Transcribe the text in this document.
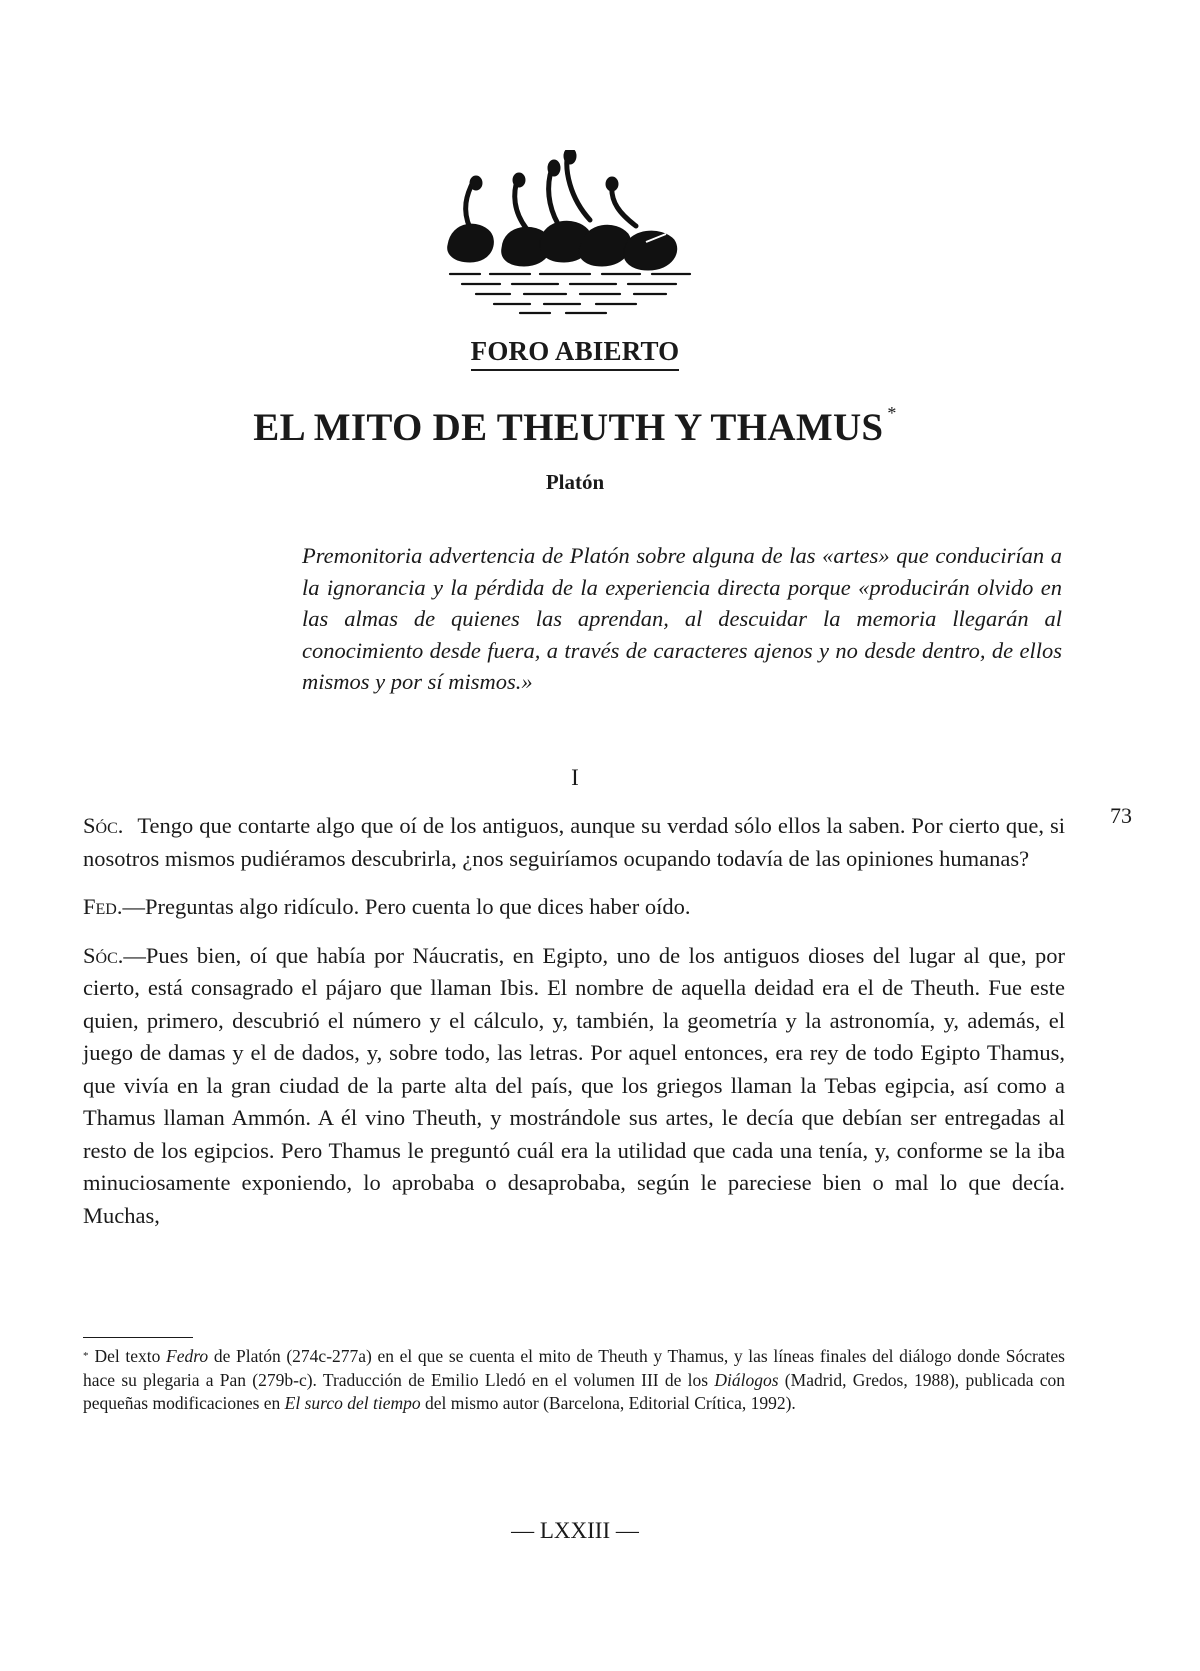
FORO ABIERTO
EL MITO DE THEUTH Y THAMUS *
Platón
Premonitoria advertencia de Platón sobre alguna de las «artes» que conducirían a la ignorancia y la pérdida de la experiencia directa porque «producirán olvido en las almas de quienes las aprendan, al descuidar la memoria llegarán al conocimiento desde fuera, a través de caracteres ajenos y no desde dentro, de ellos mismos y por sí mismos.»
I
73

Sóc. Tengo que contarte algo que oí de los antiguos, aunque su verdad sólo ellos la saben. Por cierto que, si nosotros mismos pudiéramos descubrirla, ¿nos seguiríamos ocupando todavía de las opiniones humanas?

Fed.—Preguntas algo ridículo. Pero cuenta lo que dices haber oído.

Sóc.—Pues bien, oí que había por Náucratis, en Egipto, uno de los antiguos dioses del lugar al que, por cierto, está consagrado el pájaro que llaman Ibis. El nombre de aquella deidad era el de Theuth. Fue este quien, primero, descubrió el número y el cálculo, y, también, la geometría y la astronomía, y, además, el juego de damas y el de dados, y, sobre todo, las letras. Por aquel entonces, era rey de todo Egipto Thamus, que vivía en la gran ciudad de la parte alta del país, que los griegos llaman la Tebas egipcia, así como a Thamus llaman Ammón. A él vino Theuth, y mostrándole sus artes, le decía que debían ser entregadas al resto de los egipcios. Pero Thamus le preguntó cuál era la utilidad que cada una tenía, y, conforme se la iba minuciosamente exponiendo, lo aprobaba o desaprobaba, según le pareciese bien o mal lo que decía. Muchas,

* Del texto Fedro de Platón (274c-277a) en el que se cuenta el mito de Theuth y Thamus, y las líneas finales del diálogo donde Sócrates hace su plegaria a Pan (279b-c). Traducción de Emilio Lledó en el volumen III de los Diálogos (Madrid, Gredos, 1988), publicada con pequeñas modificaciones en El surco del tiempo del mismo autor (Barcelona, Editorial Crítica, 1992).
— LXXIII —
